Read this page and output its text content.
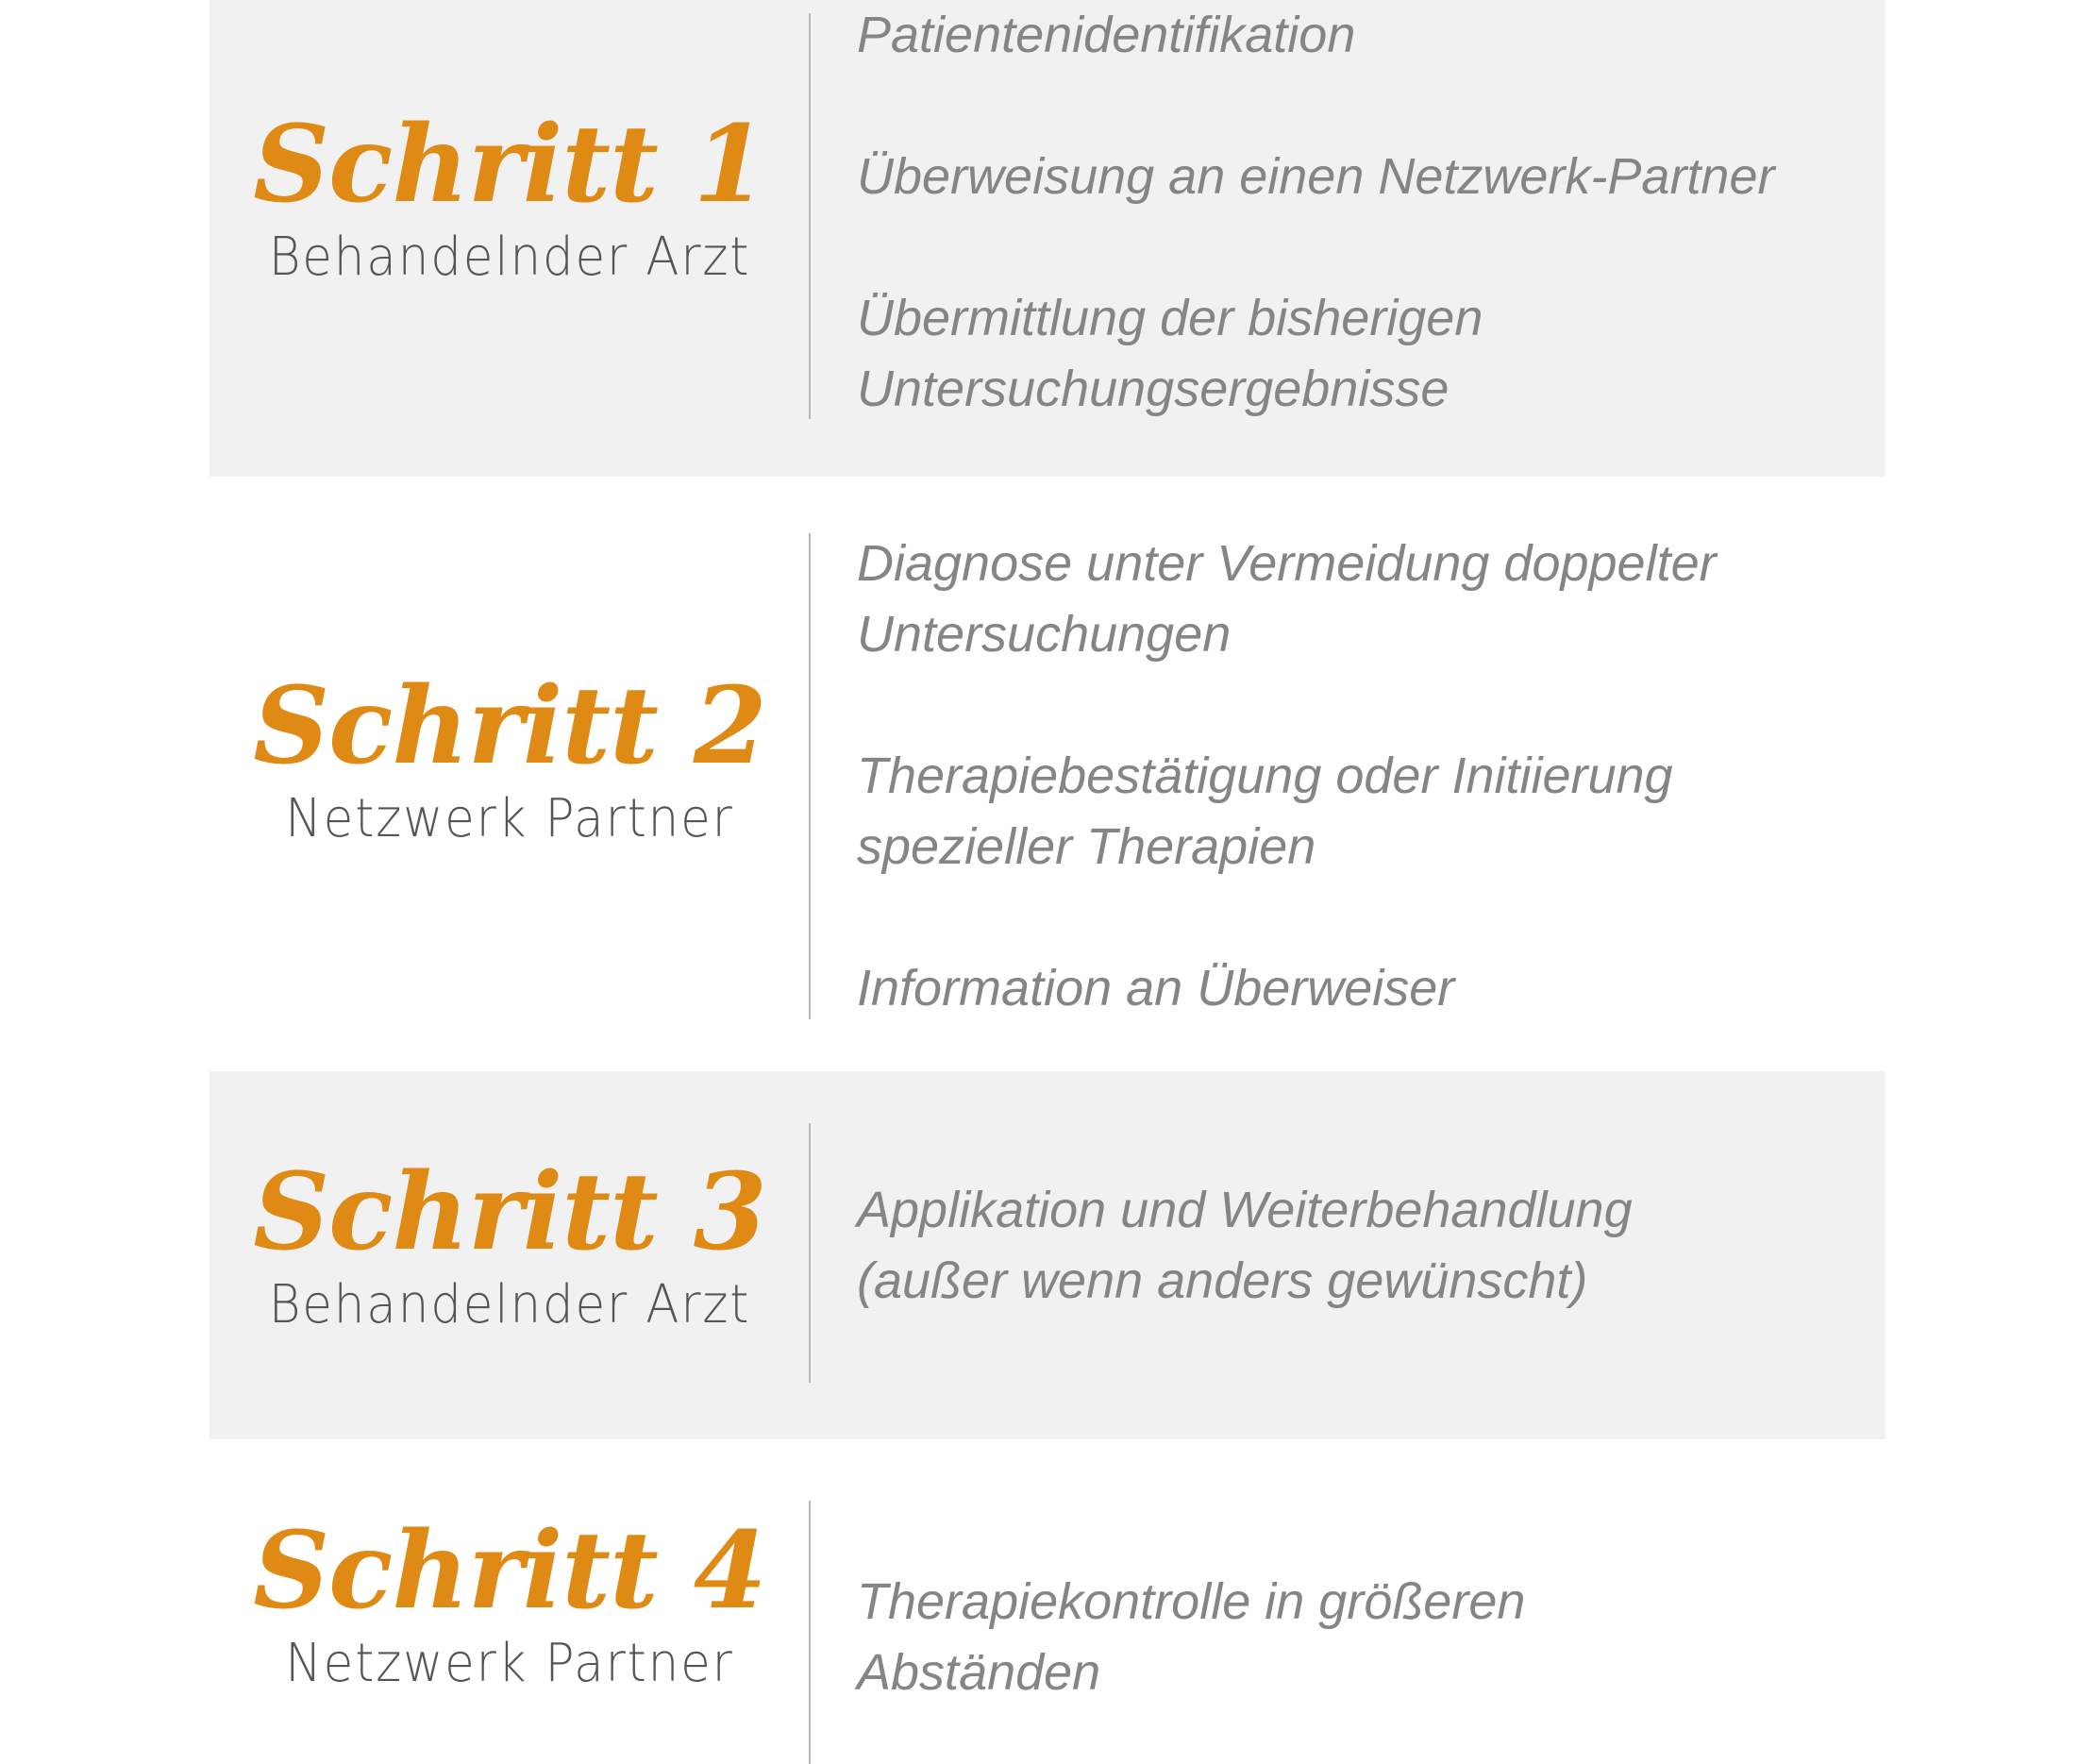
Schritt 1
Behandelnder Arzt
Patientenidentifikation
Überweisung an einen Netzwerk-Partner
Übermittlung der bisherigen
Untersuchungsergebnisse
Schritt 2
Netzwerk Partner
Diagnose unter Vermeidung doppelter
Untersuchungen
Therapiebestätigung oder Initiierung
spezieller Therapien
Information an Überweiser
Schritt 3
Behandelnder Arzt
Applikation und Weiterbehandlung
(außer wenn anders gewünscht)
Schritt 4
Netzwerk Partner
Therapiekontrolle in größeren
Abständen
